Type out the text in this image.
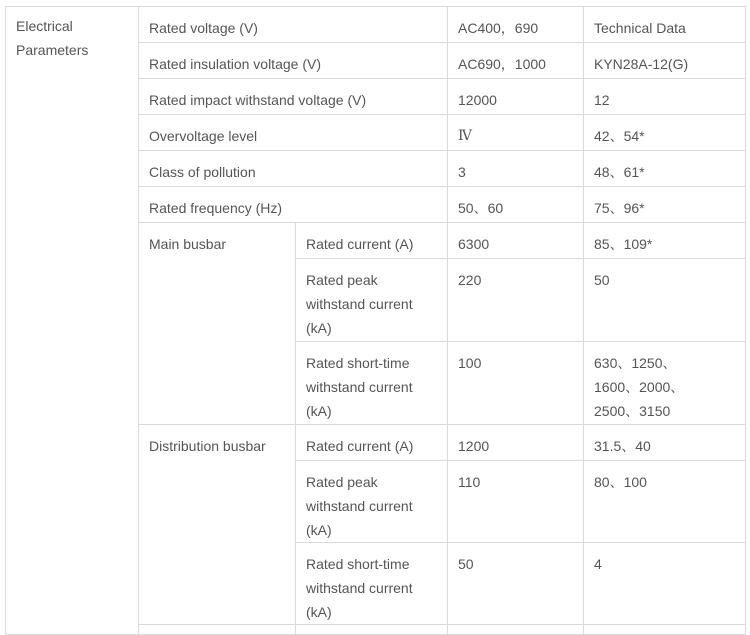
Electrical Parameters	Rated voltage (V)		AC400，690	Technical Data
	Rated insulation voltage (V)		AC690，1000	KYN28A-12(G)
	Rated impact withstand voltage (V)		12000	12
	Overvoltage level		Ⅳ	42、54*
	Class of pollution		3	48、61*
	Rated frequency (Hz)		50、60	75、96*
	Main busbar	Rated current (A)	6300	85、109*
		Rated peak withstand current (kA)	220	50
		Rated short-time withstand current (kA)	100	630、1250、1600、2000、2500、3150
	Distribution busbar	Rated current (A)	1200	31.5、40
		Rated peak withstand current (kA)	110	80、100
		Rated short-time withstand current (kA)	50	4
